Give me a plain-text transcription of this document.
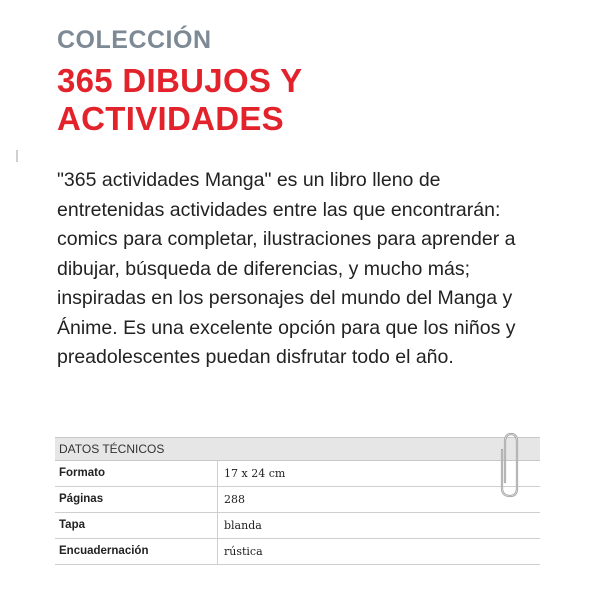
COLECCIÓN
365 DIBUJOS Y
ACTIVIDADES
"365 actividades Manga" es un libro lleno de entretenidas actividades entre las que encontrarán: comics para completar, ilustraciones para aprender a dibujar, búsqueda de diferencias, y mucho más; inspiradas en los personajes del mundo del Manga y Ánime. Es una excelente opción para que los niños y preadolescentes puedan disfrutar todo el año.
DATOS TÉCNICOS
Formato	17 x 24 cm
Páginas	288
Tapa	blanda
Encuadernación	rústica
